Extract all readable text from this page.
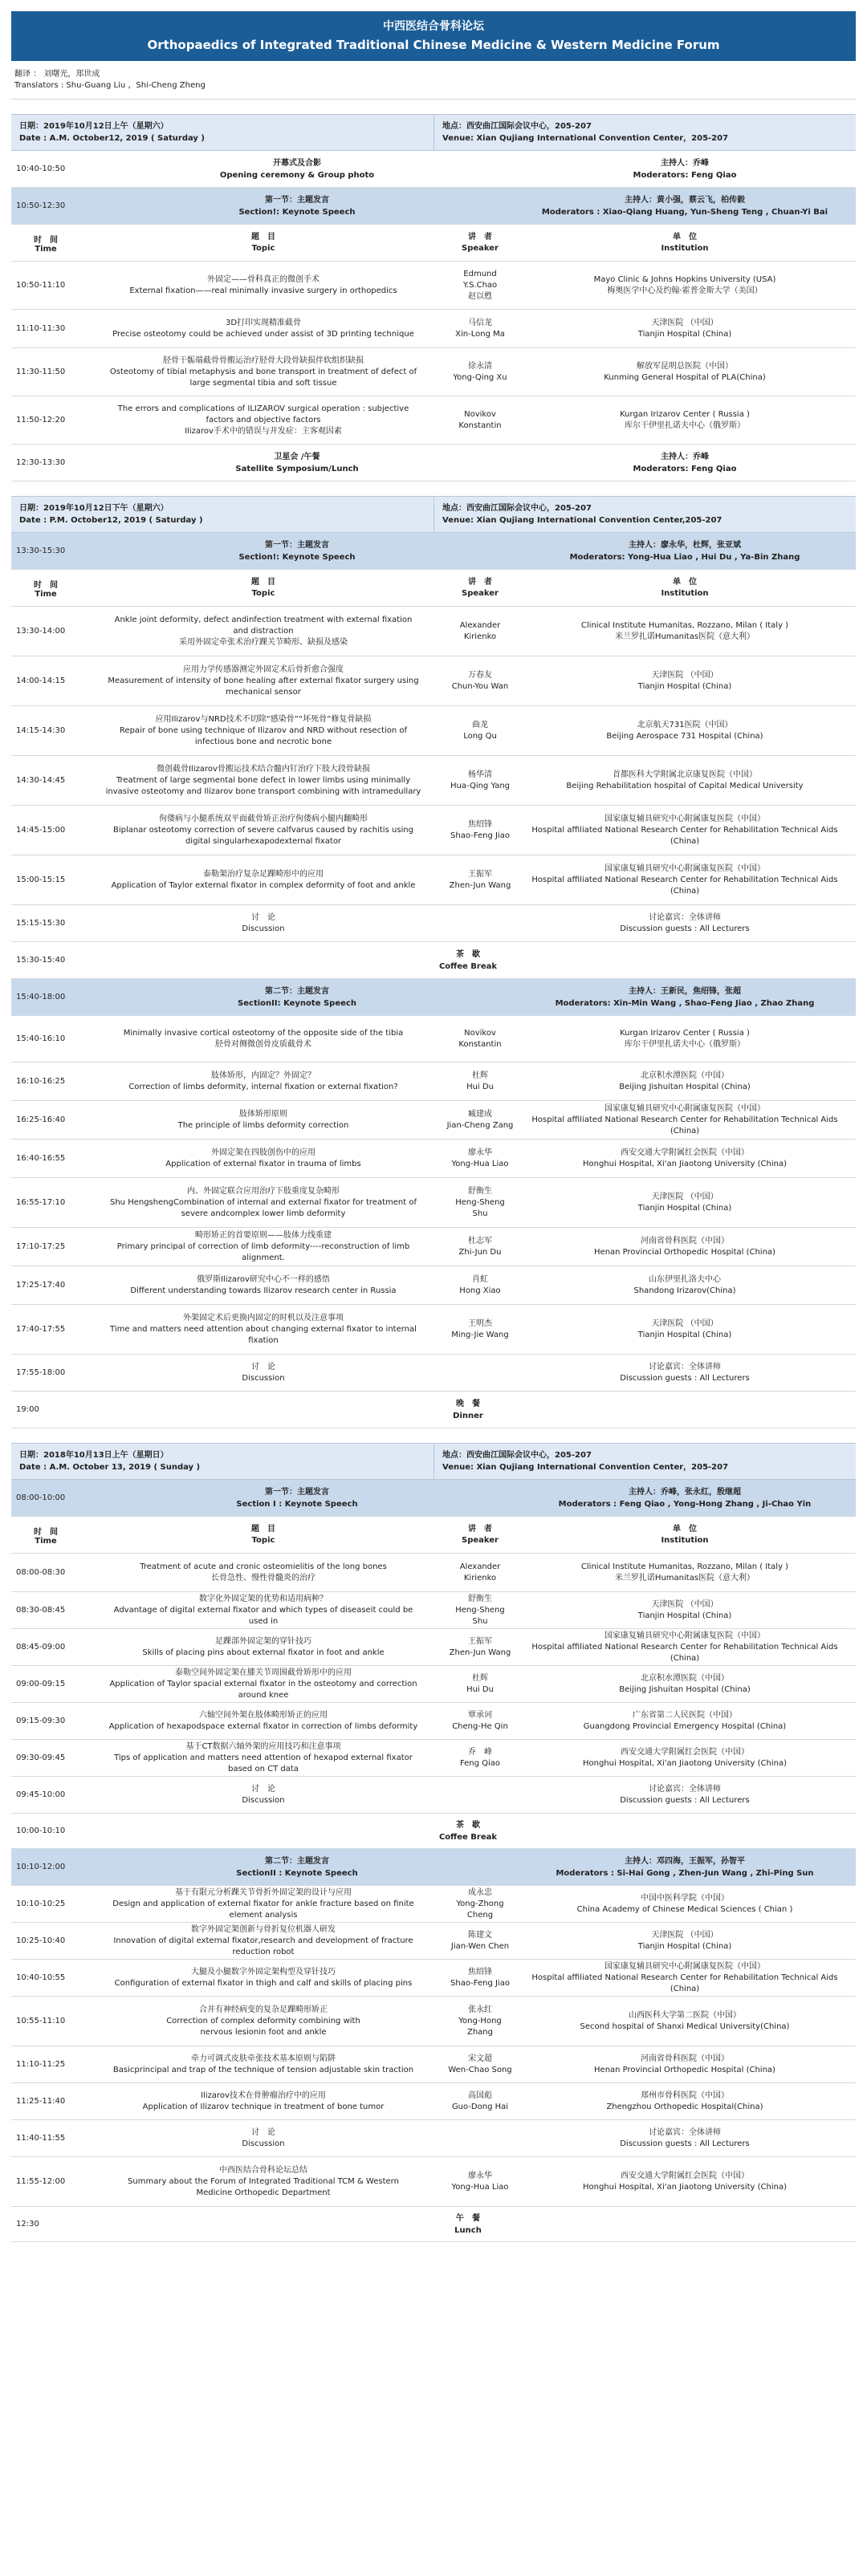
中西医结合骨科论坛
Orthopaedics of Integrated Traditional Chinese Medicine & Western Medicine Forum
翻译 ： 刘曙光，郑世成
Translators : Shu-Guang Liu ，Shi-Cheng Zheng
日期：2019年10月12日上午（星期六）
Date : A.M. October12, 2019 ( Saturday )
地点：西安曲江国际会议中心，205-207
Venue: Xian Qujiang International Convention Center，205-207
10:40-10:50
开幕式及合影
Opening ceremony & Group photo
主持人：乔峰
Moderators: Feng Qiao
10:50-12:30
第一节：主题发言
Section!: Keynote Speech
主持人：黄小强，蔡云飞，柏传毅
Moderators : Xiao-Qiang Huang, Yun-Sheng Teng , Chuan-Yi Bai
时　间
Time
题　目
Topic
讲　者
Speaker
单　位
Institution
10:50-11:10
外固定——骨科真正的微创手术
External fixation——real minimally invasive surgery in orthopedics
Edmund
Y.S.Chao
赵以甦
Mayo Clinic & Johns Hopkins University (USA)
梅奥医学中心及约翰·霍普金斯大学（美国）
11:10-11:30
3D打印实现精准截骨
Precise osteotomy could be achieved under assist of 3D printing technique
马信龙
Xin-Long Ma
天津医院 （中国）
Tianjin Hospital (China)
11:30-11:50
胫骨干骺端截骨骨搬运治疗胫骨大段骨缺损伴软组织缺损
Osteotomy of tibial metaphysis and bone transport in treatment of defect of
large segmental tibia and soft tissue
徐永清
Yong-Qing Xu
解放军昆明总医院（中国）
Kunming General Hospital of PLA(China)
11:50-12:20
The errors and complications of ILIZAROV surgical operation : subjective
factors and objective factors
Ilizarov手术中的错误与并发症：主客观因素
Novikov
Konstantin
Kurgan Irizarov Center ( Russia )
库尔干伊里扎诺夫中心（俄罗斯）
12:30-13:30
卫星会 /午餐
Satellite Symposium/Lunch
主持人：乔峰
Moderators: Feng Qiao
日期：2019年10月12日下午（星期六）
Date : P.M. October12, 2019 ( Saturday )
地点：西安曲江国际会议中心，205-207
Venue: Xian Qujiang International Convention Center,205-207
13:30-15:30
第一节：主题发言
Section!: Keynote Speech
主持人：廖永华，杜辉，张亚斌
Moderators: Yong-Hua Liao , Hui Du , Ya-Bin Zhang
时　间
Time
题　目
Topic
讲　者
Speaker
单　位
Institution
13:30-14:00
Ankle joint deformity, defect andinfection treatment with external fixation
and distraction
采用外固定牵张术治疗踝关节畸形、缺损及感染
Alexander
Kirienko
Clinical Institute Humanitas, Rozzano, Milan ( Italy )
米兰罗扎诺Humanitas医院（意大利）
14:00-14:15
应用力学传感器测定外固定术后骨折愈合强度
Measurement of intensity of bone healing after external fixator surgery using
mechanical sensor
万春友
Chun-You Wan
天津医院 （中国）
Tianjin Hospital (China)
14:15-14:30
应用Ilizarov与NRD技术不切除“感染骨”“坏死骨”修复骨缺损
Repair of bone using technique of Ilizarov and NRD without resection of
infectious bone and necrotic bone
曲龙
Long Qu
北京航天731医院（中国）
Beijing Aerospace 731 Hospital (China)
14:30-14:45
微创截骨Ilizarov骨搬运技术结合髓内钉治疗下肢大段骨缺损
Treatment of large segmental bone defect in lower limbs using minimally
invasive osteotomy and Ilizarov bone transport combining with intramedullary
杨华清
Hua-Qing Yang
首都医科大学附属北京康复医院（中国）
Beijing Rehabilitation hospital of Capital Medical University
14:45-15:00
佝偻病与小腿系统双平面截骨矫正治疗佝偻病小腿内翻畸形
Biplanar osteotomy correction of severe calfvarus caused by rachitis using
digital singularhexapodexternal fixator
焦绍锋
Shao-Feng Jiao
国家康复辅具研究中心附属康复医院（中国）
Hospital affiliated National Research Center for Rehabilitation Technical Aids
(China)
15:00-15:15
泰勒架治疗复杂足踝畸形中的应用
Application of Taylor external fixator in complex deformity of foot and ankle
王振军
Zhen-Jun Wang
国家康复辅具研究中心附属康复医院（中国）
Hospital affiliated National Research Center for Rehabilitation Technical Aids
(China)
15:15-15:30
讨　论
Discussion
讨论嘉宾：全体讲师
Discussion guests : All Lecturers
15:30-15:40
茶　歇
Coffee Break
15:40-18:00
第二节：主题发言
SectionII: Keynote Speech
主持人：王新民，焦绍锋，张超
Moderators: Xin-Min Wang , Shao-Feng Jiao , Zhao Zhang
15:40-16:10
Minimally invasive cortical osteotomy of the opposite side of the tibia
胫骨对侧微创骨皮质截骨术
Novikov
Konstantin
Kurgan Irizarov Center ( Russia )
库尔干伊里扎诺夫中心（俄罗斯）
16:10-16:25
肢体矫形，内固定？外固定？
Correction of limbs deformity, internal fixation or external fixation?
杜辉
Hui Du
北京积水潭医院（中国）
Beijing Jishuitan Hospital (China)
16:25-16:40
肢体矫形原则
The principle of limbs deformity correction
臧建成
Jian-Cheng Zang
国家康复辅具研究中心附属康复医院（中国）
Hospital affiliated National Research Center for Rehabilitation Technical Aids
(China)
16:40-16:55
外固定架在四肢创伤中的应用
Application of external fixator in trauma of limbs
廖永华
Yong-Hua Liao
西安交通大学附属红会医院（中国）
Honghui Hospital, Xi'an Jiaotong University (China)
16:55-17:10
内、外固定联合应用治疗下肢重度复杂畸形
Shu HengshengCombination of internal and external fixator for treatment of
severe andcomplex lower limb deformity
舒衡生
Heng-Sheng
Shu
天津医院 （中国）
Tianjin Hospital (China)
17:10-17:25
畸形矫正的首要原则——肢体力线重建
Primary principal of correction of limb deformity----reconstruction of limb
alignment.
杜志军
Zhi-Jun Du
河南省骨科医院（中国）
Henan Provincial Orthopedic Hospital (China)
17:25-17:40
俄罗斯Ilizarov研究中心不一样的感悟
Different understanding towards Ilizarov research center in Russia
肖虹
Hong Xiao
山东伊里扎洛夫中心
Shandong Irizarov(China)
17:40-17:55
外架固定术后更换内固定的时机以及注意事项
Time and matters need attention about changing external fixator to internal
fixation
王明杰
Ming-Jie Wang
天津医院 （中国）
Tianjin Hospital (China)
17:55-18:00
讨　论
Discussion
讨论嘉宾：全体讲师
Discussion guests : All Lecturers
19:00
晚　餐
Dinner
日期：2018年10月13日上午（星期日）
Date : A.M. October 13, 2019 ( Sunday )
地点：西安曲江国际会议中心，205-207
Venue: Xian Qujiang International Convention Center，205-207
08:00-10:00
第一节：主题发言
Section I : Keynote Speech
主持人：乔峰，张永红，殷继超
Moderators : Feng Qiao , Yong-Hong Zhang , Ji-Chao Yin
时　间
Time
题　目
Topic
讲　者
Speaker
单　位
Institution
08:00-08:30
Treatment of acute and cronic osteomielitis of the long bones
长骨急性、慢性骨髓炎的治疗
Alexander
Kirienko
Clinical Institute Humanitas, Rozzano, Milan ( Italy )
米兰罗扎诺Humanitas医院（意大利）
08:30-08:45
数字化外固定架的优势和适用病种？
Advantage of digital external fixator and which types of diseaseit could be
used in
舒衡生
Heng-Sheng
Shu
天津医院 （中国）
Tianjin Hospital (China)
08:45-09:00
足踝部外固定架的穿针技巧
Skills of placing pins about external fixator in foot and ankle
王振军
Zhen-Jun Wang
国家康复辅具研究中心附属康复医院（中国）
Hospital affiliated National Research Center for Rehabilitation Technical Aids
(China)
09:00-09:15
泰勒空间外固定架在膝关节周围截骨矫形中的应用
Application of Taylor spacial external fixator in the osteotomy and correction
around knee
杜辉
Hui Du
北京积水潭医院（中国）
Beijing Jishuitan Hospital (China)
09:15-09:30
六轴空间外架在肢体畸形矫正的应用
Application of hexapodspace external fixator in correction of limbs deformity
覃承诃
Cheng-He Qin
广东省第二人民医院（中国）
Guangdong Provincial Emergency Hospital (China)
09:30-09:45
基于CT数据六轴外架的应用技巧和注意事项
Tips of application and matters need attention of hexapod external fixator
based on CT data
乔　峰
Feng Qiao
西安交通大学附属红会医院（中国）
Honghui Hospital, Xi'an Jiaotong University (China)
09:45-10:00
讨　论
Discussion
讨论嘉宾：全体讲师
Discussion guests : All Lecturers
10:00-10:10
茶　歇
Coffee Break
10:10-12:00
第二节：主题发言
SectionII : Keynote Speech
主持人：邓四海，王振军，孙智平
Moderators : Si-Hai Gong , Zhen-Jun Wang , Zhi-Ping Sun
10:10-10:25
基于有限元分析踝关节骨折外固定架的设计与应用
Design and application of external fixator for ankle fracture based on finite
element analysis
成永忠
Yong-Zhong
Cheng
中国中医科学院（中国）
China Academy of Chinese Medical Sciences ( Chian )
10:25-10:40
数字外固定架创新与骨折复位机器人研发
Innovation of digital external fixator,research and development of fracture
reduction robot
陈建文
Jian-Wen Chen
天津医院 （中国）
Tianjin Hospital (China)
10:40-10:55
大腿及小腿数字外固定架构型及穿针技巧
Configuration of external fixator in thigh and calf and skills of placing pins
焦绍锋
Shao-Feng Jiao
国家康复辅具研究中心附属康复医院（中国）
Hospital affiliated National Research Center for Rehabilitation Technical Aids
(China)
10:55-11:10
合并有神经病变的复杂足踝畸形矫正
Correction of complex deformity combining with
nervous lesionin foot and ankle
张永红
Yong-Hong
Zhang
山西医科大学第二医院（中国）
Second hospital of Shanxi Medical University(China)
11:10-11:25
牵力可调式皮肤牵张技术基本原则与陷阱
Basicprincipal and trap of the technique of tension adjustable skin traction
宋文超
Wen-Chao Song
河南省骨科医院（中国）
Henan Provincial Orthopedic Hospital (China)
11:25-11:40
Ilizarov技术在骨肿瘤治疗中的应用
Application of Ilizarov technique in treatment of bone tumor
高国彪
Guo-Dong Hai
郑州市骨科医院（中国）
Zhengzhou Orthopedic Hospital(China)
11:40-11:55
讨　论
Discussion
讨论嘉宾：全体讲师
Discussion guests : All Lecturers
11:55-12:00
中西医结合骨科论坛总结
Summary about the Forum of Integrated Traditional TCM & Western
Medicine Orthopedic Department
廖永华
Yong-Hua Liao
西安交通大学附属红会医院（中国）
Honghui Hospital, Xi'an Jiaotong University (China)
12:30
午　餐
Lunch
